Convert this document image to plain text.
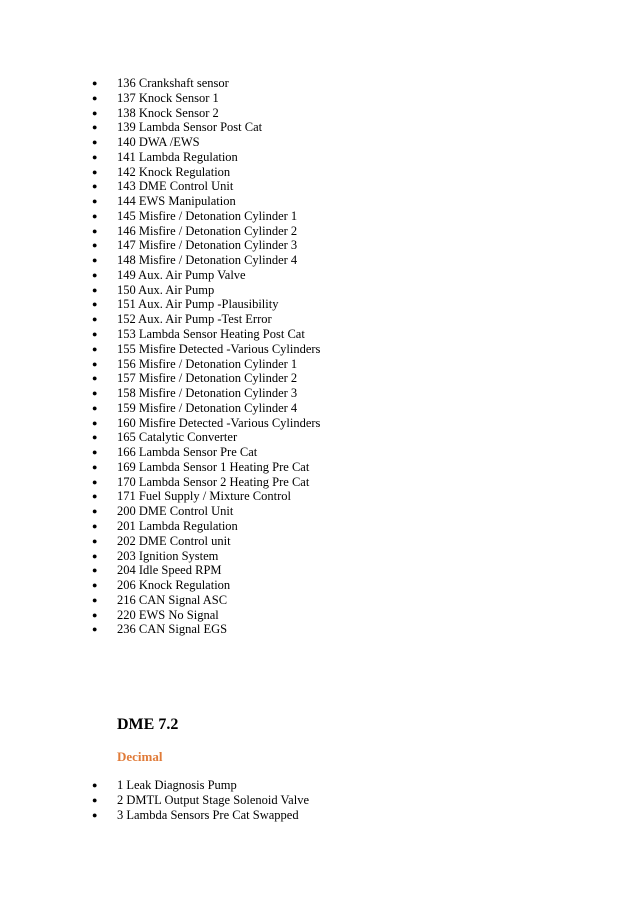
● 136 Crankshaft sensor
● 137 Knock Sensor 1
● 138 Knock Sensor 2
● 139 Lambda Sensor Post Cat
● 140 DWA /EWS
● 141 Lambda Regulation
● 142 Knock Regulation
● 143 DME Control Unit
● 144 EWS Manipulation
● 145 Misfire / Detonation Cylinder 1
● 146 Misfire / Detonation Cylinder 2
● 147 Misfire / Detonation Cylinder 3
● 148 Misfire / Detonation Cylinder 4
● 149 Aux. Air Pump Valve
● 150 Aux. Air Pump
● 151 Aux. Air Pump -Plausibility
● 152 Aux. Air Pump -Test Error
● 153 Lambda Sensor Heating Post Cat
● 155 Misfire Detected -Various Cylinders
● 156 Misfire / Detonation Cylinder 1
● 157 Misfire / Detonation Cylinder 2
● 158 Misfire / Detonation Cylinder 3
● 159 Misfire / Detonation Cylinder 4
● 160 Misfire Detected -Various Cylinders
● 165 Catalytic Converter
● 166 Lambda Sensor Pre Cat
● 169 Lambda Sensor 1 Heating Pre Cat
● 170 Lambda Sensor 2 Heating Pre Cat
● 171 Fuel Supply / Mixture Control
● 200 DME Control Unit
● 201 Lambda Regulation
● 202 DME Control unit
● 203 Ignition System
● 204 Idle Speed RPM
● 206 Knock Regulation
● 216 CAN Signal ASC
● 220 EWS No Signal
● 236 CAN Signal EGS
DME 7.2
Decimal
● 1 Leak Diagnosis Pump
● 2 DMTL Output Stage Solenoid Valve
● 3 Lambda Sensors Pre Cat Swapped
